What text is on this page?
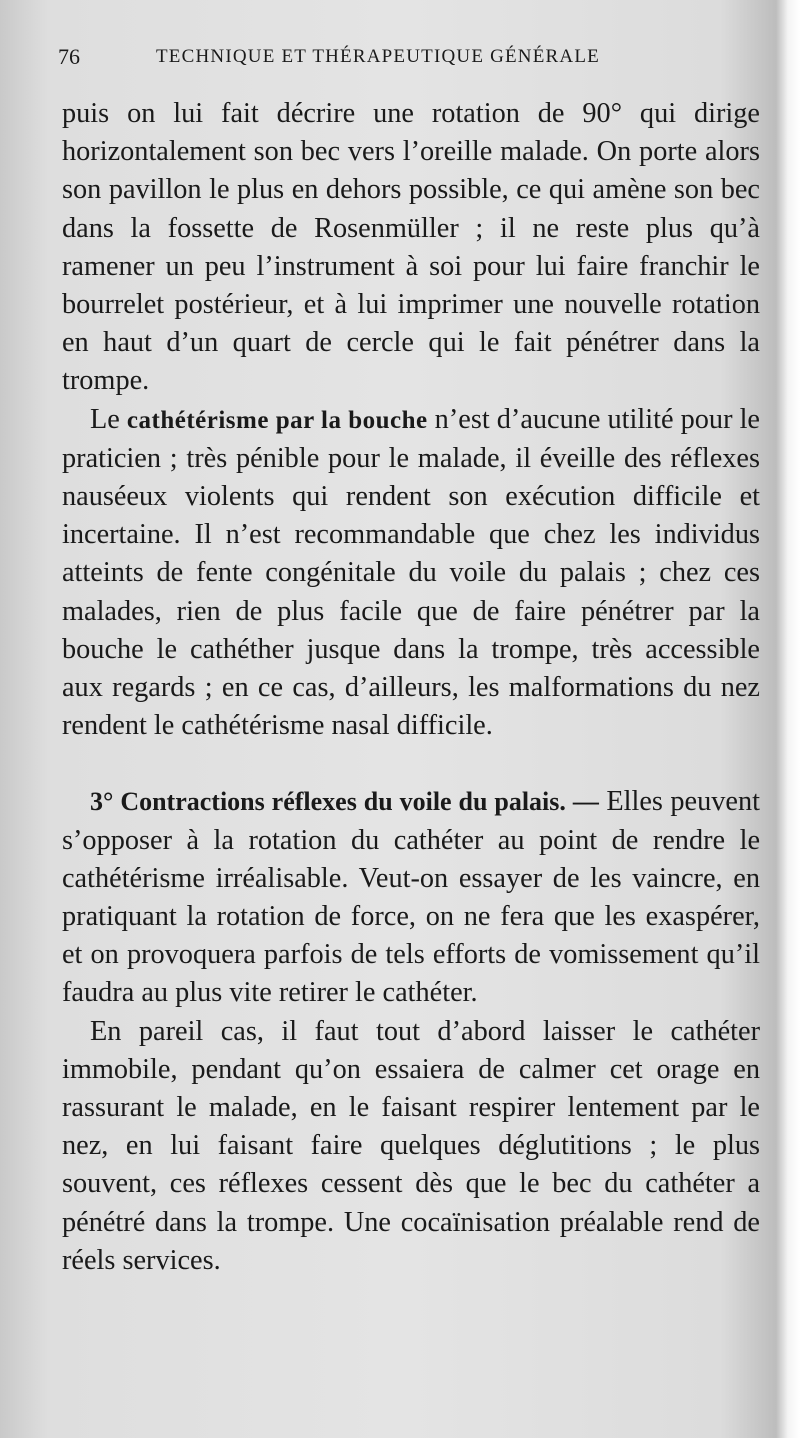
76	TECHNIQUE ET THÉRAPEUTIQUE GÉNÉRALE

puis on lui fait décrire une rotation de 90° qui dirige horizontalement son bec vers l’oreille malade. On porte alors son pavillon le plus en dehors possible, ce qui amène son bec dans la fossette de Rosenmüller ; il ne reste plus qu’à ramener un peu l’instrument à soi pour lui faire franchir le bourrelet postérieur, et à lui imprimer une nouvelle rotation en haut d’un quart de cercle qui le fait pénétrer dans la trompe.

Le cathétérisme par la bouche n’est d’aucune utilité pour le praticien ; très pénible pour le malade, il éveille des réflexes nauséeux violents qui rendent son exécution difficile et incertaine. Il n’est recommandable que chez les individus atteints de fente congénitale du voile du palais ; chez ces malades, rien de plus facile que de faire pénétrer par la bouche le cathéther jusque dans la trompe, très accessible aux regards ; en ce cas, d’ailleurs, les malformations du nez rendent le cathétérisme nasal difficile.

3° Contractions réflexes du voile du palais. — Elles peuvent s’opposer à la rotation du cathéter au point de rendre le cathétérisme irréalisable. Veut-on essayer de les vaincre, en pratiquant la rotation de force, on ne fera que les exaspérer, et on provoquera parfois de tels efforts de vomissement qu’il faudra au plus vite retirer le cathéter.

En pareil cas, il faut tout d’abord laisser le cathéter immobile, pendant qu’on essaiera de calmer cet orage en rassurant le malade, en le faisant respirer lentement par le nez, en lui faisant faire quelques déglutitions ; le plus souvent, ces réflexes cessent dès que le bec du cathéter a pénétré dans la trompe. Une cocaïnisation préalable rend de réels services.
